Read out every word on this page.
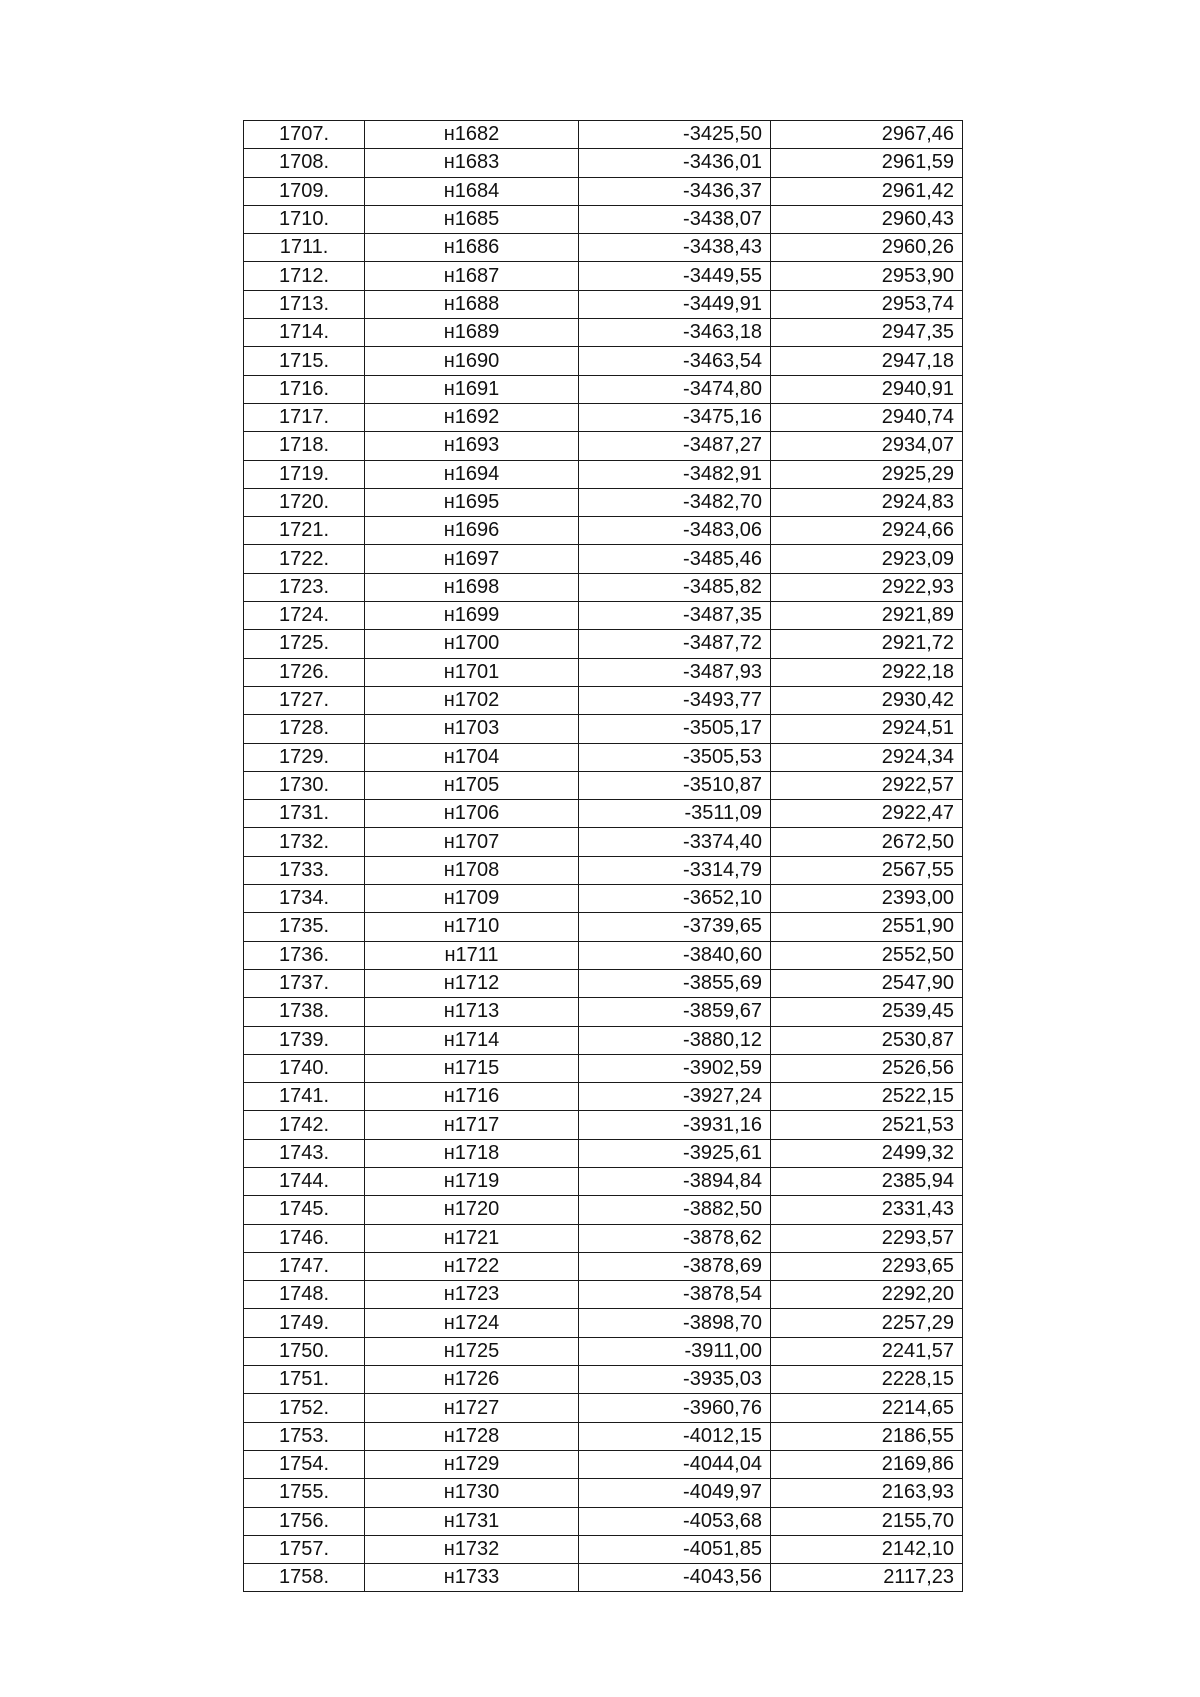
1707.	н1682	-3425,50	2967,46
1708.	н1683	-3436,01	2961,59
1709.	н1684	-3436,37	2961,42
1710.	н1685	-3438,07	2960,43
1711.	н1686	-3438,43	2960,26
1712.	н1687	-3449,55	2953,90
1713.	н1688	-3449,91	2953,74
1714.	н1689	-3463,18	2947,35
1715.	н1690	-3463,54	2947,18
1716.	н1691	-3474,80	2940,91
1717.	н1692	-3475,16	2940,74
1718.	н1693	-3487,27	2934,07
1719.	н1694	-3482,91	2925,29
1720.	н1695	-3482,70	2924,83
1721.	н1696	-3483,06	2924,66
1722.	н1697	-3485,46	2923,09
1723.	н1698	-3485,82	2922,93
1724.	н1699	-3487,35	2921,89
1725.	н1700	-3487,72	2921,72
1726.	н1701	-3487,93	2922,18
1727.	н1702	-3493,77	2930,42
1728.	н1703	-3505,17	2924,51
1729.	н1704	-3505,53	2924,34
1730.	н1705	-3510,87	2922,57
1731.	н1706	-3511,09	2922,47
1732.	н1707	-3374,40	2672,50
1733.	н1708	-3314,79	2567,55
1734.	н1709	-3652,10	2393,00
1735.	н1710	-3739,65	2551,90
1736.	н1711	-3840,60	2552,50
1737.	н1712	-3855,69	2547,90
1738.	н1713	-3859,67	2539,45
1739.	н1714	-3880,12	2530,87
1740.	н1715	-3902,59	2526,56
1741.	н1716	-3927,24	2522,15
1742.	н1717	-3931,16	2521,53
1743.	н1718	-3925,61	2499,32
1744.	н1719	-3894,84	2385,94
1745.	н1720	-3882,50	2331,43
1746.	н1721	-3878,62	2293,57
1747.	н1722	-3878,69	2293,65
1748.	н1723	-3878,54	2292,20
1749.	н1724	-3898,70	2257,29
1750.	н1725	-3911,00	2241,57
1751.	н1726	-3935,03	2228,15
1752.	н1727	-3960,76	2214,65
1753.	н1728	-4012,15	2186,55
1754.	н1729	-4044,04	2169,86
1755.	н1730	-4049,97	2163,93
1756.	н1731	-4053,68	2155,70
1757.	н1732	-4051,85	2142,10
1758.	н1733	-4043,56	2117,23
